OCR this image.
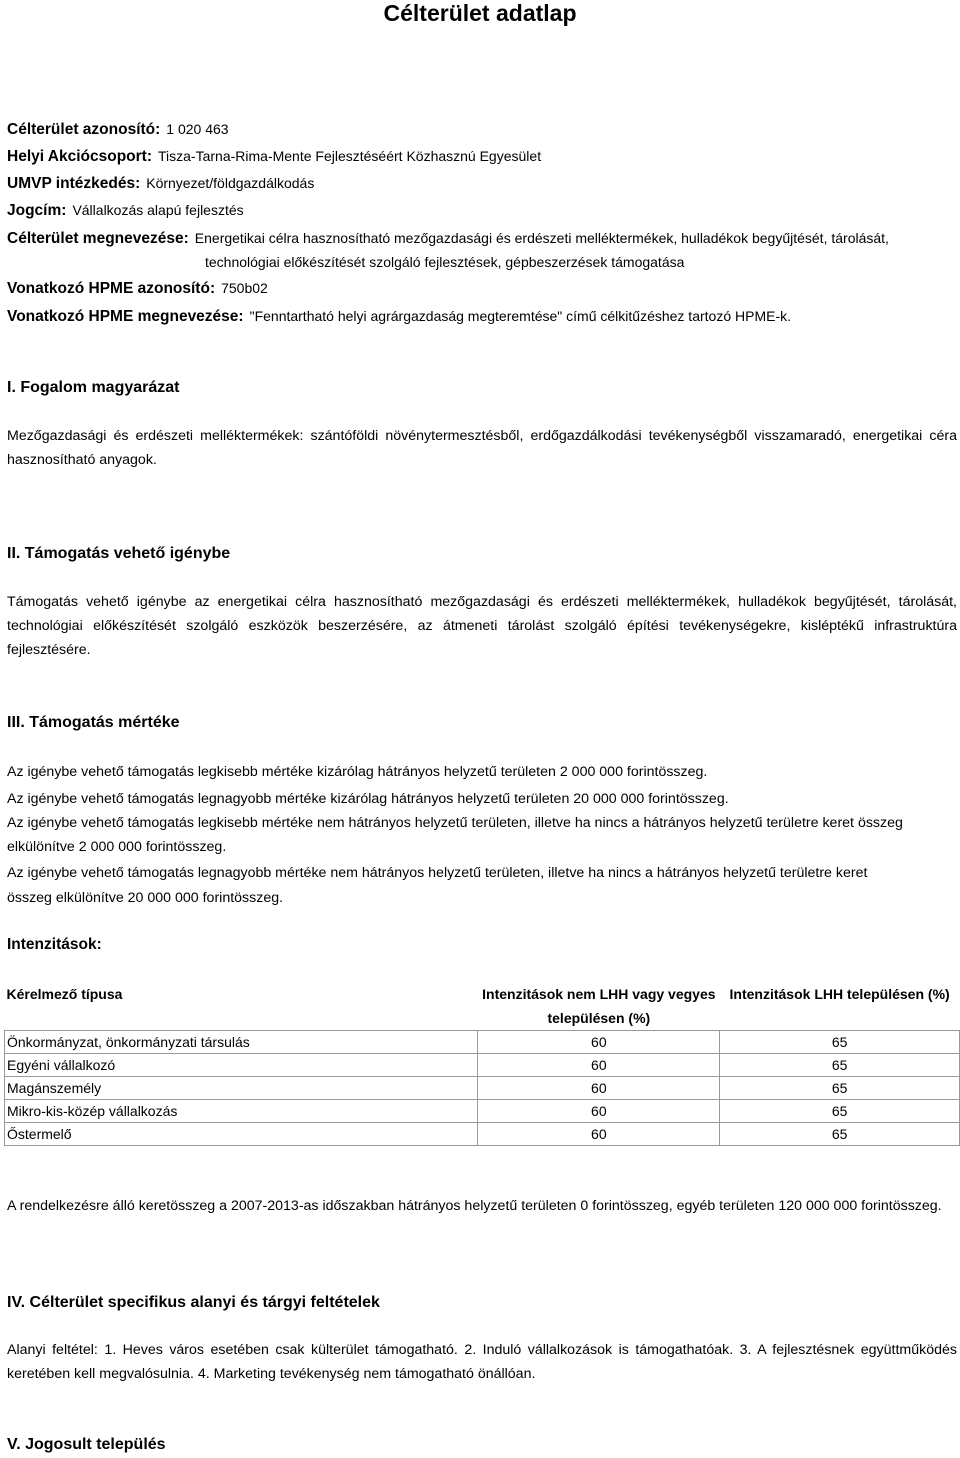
Célterület adatlap
Célterület azonosító: 1 020 463
Helyi Akciócsoport: Tisza-Tarna-Rima-Mente Fejlesztéséért Közhasznú Egyesület
UMVP intézkedés: Környezet/földgazdálkodás
Jogcím: Vállalkozás alapú fejlesztés
Célterület megnevezése: Energetikai célra hasznosítható mezőgazdasági és erdészeti melléktermékek, hulladékok begyűjtését, tárolását,
technológiai előkészítését szolgáló fejlesztések, gépbeszerzések támogatása
Vonatkozó HPME azonosító: 750b02
Vonatkozó HPME megnevezése: "Fenntartható helyi agrárgazdaság megteremtése" című célkitűzéshez tartozó HPME-k.
I. Fogalom magyarázat
Mezőgazdasági és erdészeti melléktermékek: szántóföldi növénytermesztésből, erdőgazdálkodási tevékenységből visszamaradó, energetikai céra hasznosítható anyagok.
II. Támogatás vehető igénybe
Támogatás vehető igénybe az energetikai célra hasznosítható mezőgazdasági és erdészeti melléktermékek, hulladékok begyűjtését, tárolását, technológiai előkészítését szolgáló eszközök beszerzésére, az átmeneti tárolást szolgáló építési tevékenységekre, kisléptékű infrastruktúra fejlesztésére.
III. Támogatás mértéke
Az igénybe vehető támogatás legkisebb mértéke kizárólag hátrányos helyzetű területen 2 000 000 forintösszeg.
Az igénybe vehető támogatás legnagyobb mértéke kizárólag hátrányos helyzetű területen 20 000 000 forintösszeg.
Az igénybe vehető támogatás legkisebb mértéke nem hátrányos helyzetű területen, illetve ha nincs a hátrányos helyzetű területre keret összeg elkülönítve 2 000 000 forintösszeg.
Az igénybe vehető támogatás legnagyobb mértéke nem hátrányos helyzetű területen, illetve ha nincs a hátrányos helyzetű területre keret
összeg elkülönítve 20 000 000 forintösszeg.
Intenzitások:
Kérelmező típusa	Intenzitások nem LHH vagy vegyes településen (%)	Intenzitások LHH településen (%)
Önkormányzat, önkormányzati társulás	60	65
Egyéni vállalkozó	60	65
Magánszemély	60	65
Mikro-kis-közép vállalkozás	60	65
Őstermelő	60	65
A rendelkezésre álló keretösszeg a 2007-2013-as időszakban hátrányos helyzetű területen 0 forintösszeg, egyéb területen 120 000 000 forintösszeg.
IV. Célterület specifikus alanyi és tárgyi feltételek
Alanyi feltétel: 1. Heves város esetében csak külterület támogatható. 2. Induló vállalkozások is támogathatóak. 3. A fejlesztésnek együttműködés keretében kell megvalósulnia. 4. Marketing tevékenység nem támogatható önállóan.
V. Jogosult település
